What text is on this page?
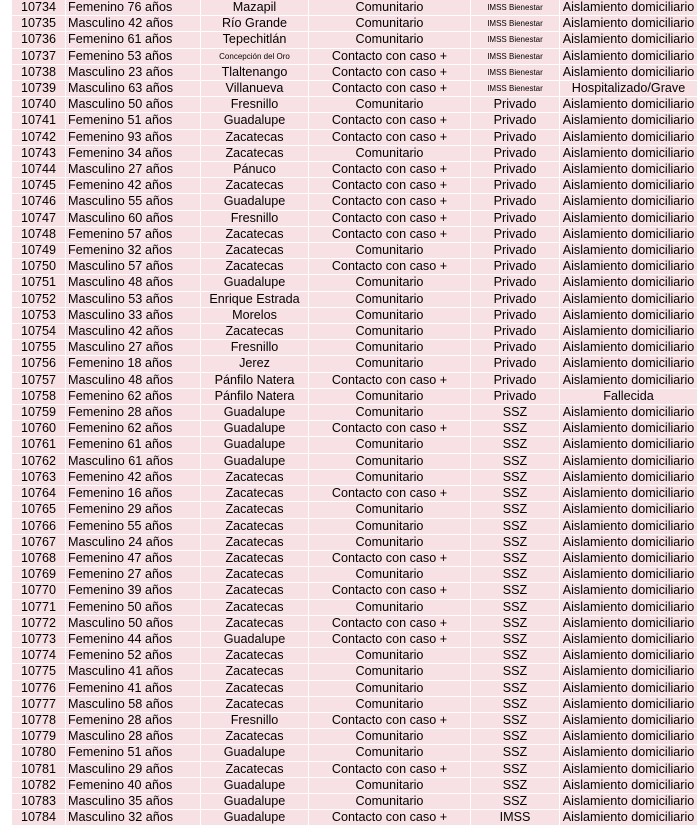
10734	Femenino 76 años	Mazapil	Comunitario	IMSS Bienestar	Aislamiento domiciliario
10735	Masculino 42 años	Río Grande	Comunitario	IMSS Bienestar	Aislamiento domiciliario
10736	Femenino 61 años	Tepechitlán	Comunitario	IMSS Bienestar	Aislamiento domiciliario
10737	Femenino 53 años	Concepción del Oro	Contacto con caso +	IMSS Bienestar	Aislamiento domiciliario
10738	Masculino 23 años	Tlaltenango	Contacto con caso +	IMSS Bienestar	Aislamiento domiciliario
10739	Masculino 63 años	Villanueva	Contacto con caso +	IMSS Bienestar	Hospitalizado/Grave
10740	Masculino 50 años	Fresnillo	Comunitario	Privado	Aislamiento domiciliario
10741	Femenino 51 años	Guadalupe	Contacto con caso +	Privado	Aislamiento domiciliario
10742	Femenino 93 años	Zacatecas	Contacto con caso +	Privado	Aislamiento domiciliario
10743	Femenino 34 años	Zacatecas	Comunitario	Privado	Aislamiento domiciliario
10744	Masculino 27 años	Pánuco	Contacto con caso +	Privado	Aislamiento domiciliario
10745	Femenino 42 años	Zacatecas	Contacto con caso +	Privado	Aislamiento domiciliario
10746	Masculino 55 años	Guadalupe	Contacto con caso +	Privado	Aislamiento domiciliario
10747	Masculino 60 años	Fresnillo	Contacto con caso +	Privado	Aislamiento domiciliario
10748	Femenino 57 años	Zacatecas	Contacto con caso +	Privado	Aislamiento domiciliario
10749	Femenino 32 años	Zacatecas	Comunitario	Privado	Aislamiento domiciliario
10750	Masculino 57 años	Zacatecas	Contacto con caso +	Privado	Aislamiento domiciliario
10751	Masculino 48 años	Guadalupe	Comunitario	Privado	Aislamiento domiciliario
10752	Masculino 53 años	Enrique Estrada	Comunitario	Privado	Aislamiento domiciliario
10753	Masculino 33 años	Morelos	Comunitario	Privado	Aislamiento domiciliario
10754	Masculino 42 años	Zacatecas	Comunitario	Privado	Aislamiento domiciliario
10755	Masculino 27 años	Fresnillo	Comunitario	Privado	Aislamiento domiciliario
10756	Femenino 18 años	Jerez	Comunitario	Privado	Aislamiento domiciliario
10757	Masculino 48 años	Pánfilo Natera	Contacto con caso +	Privado	Aislamiento domiciliario
10758	Femenino 62 años	Pánfilo Natera	Comunitario	Privado	Fallecida
10759	Femenino 28 años	Guadalupe	Comunitario	SSZ	Aislamiento domiciliario
10760	Femenino 62 años	Guadalupe	Contacto con caso +	SSZ	Aislamiento domiciliario
10761	Femenino 61 años	Guadalupe	Comunitario	SSZ	Aislamiento domiciliario
10762	Masculino 61 años	Guadalupe	Comunitario	SSZ	Aislamiento domiciliario
10763	Femenino 42 años	Zacatecas	Comunitario	SSZ	Aislamiento domiciliario
10764	Femenino 16 años	Zacatecas	Contacto con caso +	SSZ	Aislamiento domiciliario
10765	Femenino 29 años	Zacatecas	Comunitario	SSZ	Aislamiento domiciliario
10766	Femenino 55 años	Zacatecas	Comunitario	SSZ	Aislamiento domiciliario
10767	Masculino 24 años	Zacatecas	Comunitario	SSZ	Aislamiento domiciliario
10768	Femenino 47 años	Zacatecas	Contacto con caso +	SSZ	Aislamiento domiciliario
10769	Femenino 27 años	Zacatecas	Comunitario	SSZ	Aislamiento domiciliario
10770	Femenino 39 años	Zacatecas	Contacto con caso +	SSZ	Aislamiento domiciliario
10771	Femenino 50 años	Zacatecas	Comunitario	SSZ	Aislamiento domiciliario
10772	Masculino 50 años	Zacatecas	Contacto con caso +	SSZ	Aislamiento domiciliario
10773	Femenino 44 años	Guadalupe	Contacto con caso +	SSZ	Aislamiento domiciliario
10774	Femenino 52 años	Zacatecas	Comunitario	SSZ	Aislamiento domiciliario
10775	Masculino 41 años	Zacatecas	Comunitario	SSZ	Aislamiento domiciliario
10776	Femenino 41 años	Zacatecas	Comunitario	SSZ	Aislamiento domiciliario
10777	Masculino 58 años	Zacatecas	Comunitario	SSZ	Aislamiento domiciliario
10778	Femenino 28 años	Fresnillo	Contacto con caso +	SSZ	Aislamiento domiciliario
10779	Masculino 28 años	Zacatecas	Comunitario	SSZ	Aislamiento domiciliario
10780	Femenino 51 años	Guadalupe	Comunitario	SSZ	Aislamiento domiciliario
10781	Masculino 29 años	Zacatecas	Contacto con caso +	SSZ	Aislamiento domiciliario
10782	Femenino 40 años	Guadalupe	Comunitario	SSZ	Aislamiento domiciliario
10783	Masculino 35 años	Guadalupe	Comunitario	SSZ	Aislamiento domiciliario
10784	Masculino 32 años	Guadalupe	Contacto con caso +	IMSS	Aislamiento domiciliario
